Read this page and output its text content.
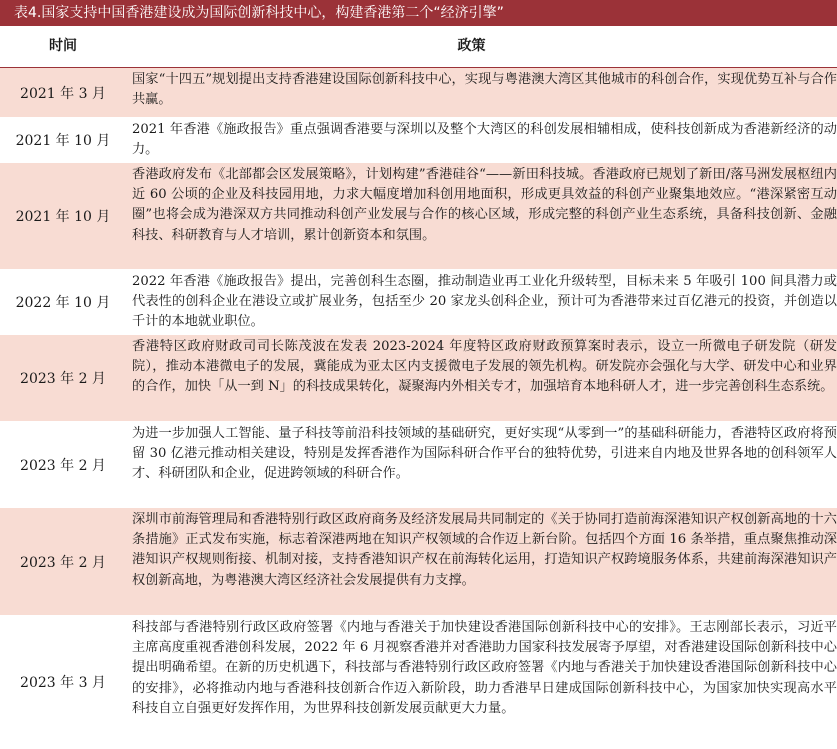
表4.国家支持中国香港建设成为国际创新科技中心，构建香港第二个“经济引擎”
时间	政策
2021 年 3 月
国家“十四五”规划提出支持香港建设国际创新科技中心，实现与粤港澳大湾区其他城市的科创合作，实现优势互补与合作共赢。
2021 年 10 月
2021 年香港《施政报告》重点强调香港要与深圳以及整个大湾区的科创发展相辅相成，使科技创新成为香港新经济的动力。
2021 年 10 月
香港政府发布《北部都会区发展策略》，计划构建”香港硅谷“——新田科技城。香港政府已规划了新田/落马洲发展枢纽内近 60 公顷的企业及科技园用地，力求大幅度增加科创用地面积，形成更具效益的科创产业聚集地效应。“港深紧密互动圈”也将会成为港深双方共同推动科创产业发展与合作的核心区域，形成完整的科创产业生态系统，具备科技创新、金融科技、科研教育与人才培训，累计创新资本和氛围。
2022 年 10 月
2022 年香港《施政报告》提出，完善创科生态圈，推动制造业再工业化升级转型，目标未来 5 年吸引 100 间具潜力或代表性的创科企业在港设立或扩展业务，包括至少 20 家龙头创科企业，预计可为香港带来过百亿港元的投资，并创造以千计的本地就业职位。
2023 年 2 月
香港特区政府财政司司长陈茂波在发表 2023-2024 年度特区政府财政预算案时表示，设立一所微电子研发院（研发院），推动本港微电子的发展，冀能成为亚太区内支援微电子发展的领先机构。研发院亦会强化与大学、研发中心和业界的合作，加快「从一到 N」的科技成果转化，凝聚海内外相关专才，加强培育本地科研人才，进一步完善创科生态系统。
2023 年 2 月
为进一步加强人工智能、量子科技等前沿科技领域的基础研究，更好实现“从零到一”的基础科研能力，香港特区政府将预留 30 亿港元推动相关建设，特别是发挥香港作为国际科研合作平台的独特优势，引进来自内地及世界各地的创科领军人才、科研团队和企业，促进跨领域的科研合作。
2023 年 2 月
深圳市前海管理局和香港特别行政区政府商务及经济发展局共同制定的《关于协同打造前海深港知识产权创新高地的十六条措施》正式发布实施，标志着深港两地在知识产权领域的合作迈上新台阶。包括四个方面 16 条举措，重点聚焦推动深港知识产权规则衔接、机制对接，支持香港知识产权在前海转化运用，打造知识产权跨境服务体系，共建前海深港知识产权创新高地，为粤港澳大湾区经济社会发展提供有力支撑。
2023 年 3 月
科技部与香港特别行政区政府签署《内地与香港关于加快建设香港国际创新科技中心的安排》。王志刚部长表示，习近平主席高度重视香港创科发展，2022 年 6 月视察香港并对香港助力国家科技发展寄予厚望，对香港建设国际创新科技中心提出明确希望。在新的历史机遇下，科技部与香港特别行政区政府签署《内地与香港关于加快建设香港国际创新科技中心的安排》，必将推动内地与香港科技创新合作迈入新阶段，助力香港早日建成国际创新科技中心，为国家加快实现高水平科技自立自强更好发挥作用，为世界科技创新发展贡献更大力量。
